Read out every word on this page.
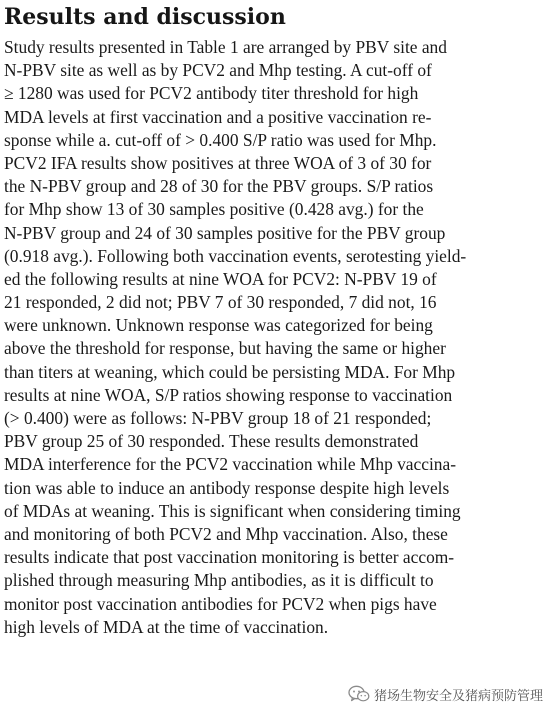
Results and discussion
Study results presented in Table 1 are arranged by PBV site and
N-PBV site as well as by PCV2 and Mhp testing. A cut-off of
≥ 1280 was used for PCV2 antibody titer threshold for high
MDA levels at first vaccination and a positive vaccination re-
sponse while a. cut-off of > 0.400 S/P ratio was used for Mhp.
PCV2 IFA results show positives at three WOA of 3 of 30 for
the N-PBV group and 28 of 30 for the PBV groups. S/P ratios
for Mhp show 13 of 30 samples positive (0.428 avg.) for the
N-PBV group and 24 of 30 samples positive for the PBV group
(0.918 avg.). Following both vaccination events, serotesting yield-
ed the following results at nine WOA for PCV2: N-PBV 19 of
21 responded, 2 did not; PBV 7 of 30 responded, 7 did not, 16
were unknown. Unknown response was categorized for being
above the threshold for response, but having the same or higher
than titers at weaning, which could be persisting MDA. For Mhp
results at nine WOA, S/P ratios showing response to vaccination
(> 0.400) were as follows: N-PBV group 18 of 21 responded;
PBV group 25 of 30 responded. These results demonstrated
MDA interference for the PCV2 vaccination while Mhp vaccina-
tion was able to induce an antibody response despite high levels
of MDAs at weaning. This is significant when considering timing
and monitoring of both PCV2 and Mhp vaccination. Also, these
results indicate that post vaccination monitoring is better accom-
plished through measuring Mhp antibodies, as it is difficult to
monitor post vaccination antibodies for PCV2 when pigs have
high levels of MDA at the time of vaccination.
猪场生物安全及猪病预防管理
